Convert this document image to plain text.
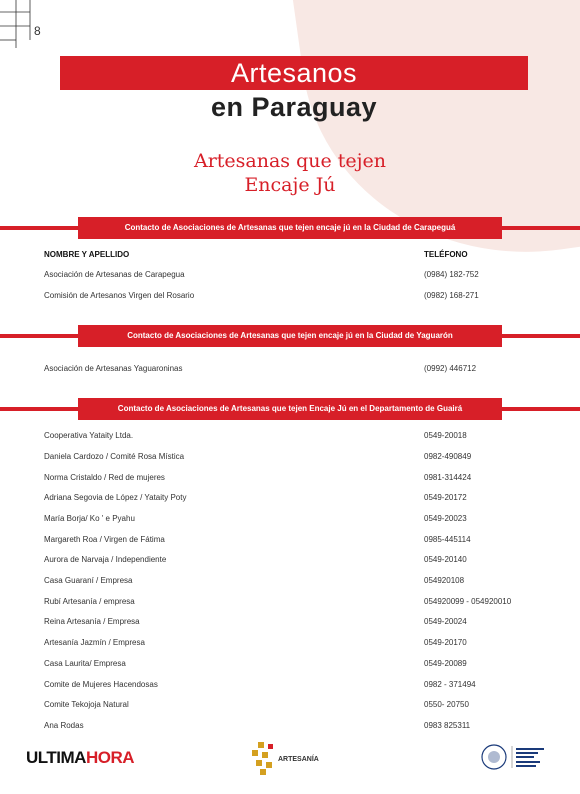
8
Artesanos
en Paraguay
Artesanas que tejen
Encaje Jú
Contacto de Asociaciones de Artesanas que tejen encaje jú en la Ciudad de Carapeguá
NOMBRE Y APELLIDO	TELÉFONO
Asociación de Artesanas de Carapegua	(0984) 182-752
Comisión de Artesanos Virgen del Rosario	(0982) 168-271
Contacto de Asociaciones de Artesanas que tejen encaje jú en la Ciudad de Yaguarón
Asociación de Artesanas Yaguaroninas	(0992) 446712
Contacto de Asociaciones de Artesanas que tejen Encaje Jú en el Departamento de Guairá
Cooperativa Yataity Ltda.	0549-20018
Daniela Cardozo / Comité Rosa Mística	0982-490849
Norma Cristaldo / Red de mujeres	0981-314424
Adriana Segovia de López / Yataity Poty	0549-20172
María Borja/ Ko ' e Pyahu	0549-20023
Margareth Roa / Virgen de Fátima	0985-445114
Aurora de Narvaja / Independiente	0549-20140
Casa Guaraní / Empresa	054920108
Rubí Artesanía / empresa	054920099 - 054920010
Reina Artesanía / Empresa	0549-20024
Artesanía Jazmín / Empresa	0549-20170
Casa Laurita/ Empresa	0549-20089
Comite de Mujeres Hacendosas	0982 - 371494
Comite Tekojoja Natural	0550- 20750
Ana Rodas	0983 825311
ULTIMAHORA	ARTESANÍA
